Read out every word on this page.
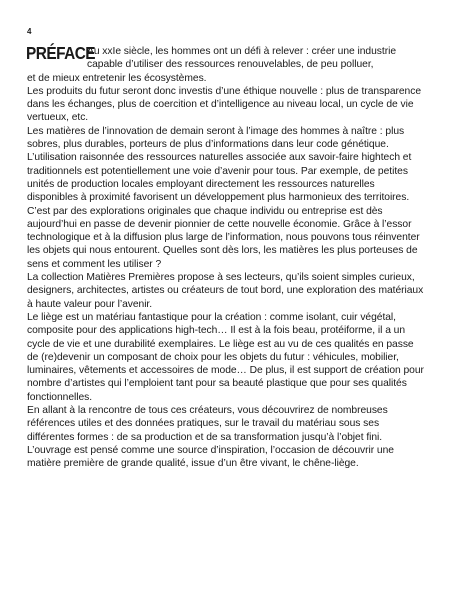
4
PRÉFACE

Au xxIe siècle, les hommes ont un défi à relever : créer une industrie
capable d’utiliser des ressources renouvelables, de peu polluer,

et de mieux entretenir les écosystèmes.

Les produits du futur seront donc investis d’une éthique nouvelle : plus de transparence dans les échanges, plus de coercition et d’intelligence au niveau local, un cycle de vie vertueux, etc.

Les matières de l’innovation de demain seront à l’image des hommes à naître : plus sobres, plus durables, porteurs de plus d’informations dans leur code génétique.

L’utilisation raisonnée des ressources naturelles associée aux savoir-faire hightech et traditionnels est potentiellement une voie d’avenir pour tous. Par exemple, de petites unités de production locales employant directement les ressources naturelles disponibles à proximité favorisent un développement plus harmonieux des territoires.

C’est par des explorations originales que chaque individu ou entreprise est dès aujourd’hui en passe de devenir pionnier de cette nouvelle économie. Grâce à l’essor technologique et à la diffusion plus large de l’information, nous pouvons tous réinventer les objets qui nous entourent. Quelles sont dès lors, les matières les plus porteuses de sens et comment les utiliser ?

La collection Matières Premières propose à ses lecteurs, qu’ils soient simples curieux, designers, architectes, artistes ou créateurs de tout bord, une exploration des matériaux à haute valeur pour l’avenir.

Le liège est un matériau fantastique pour la création : comme isolant, cuir végétal, composite pour des applications high-tech… Il est à la fois beau, protéiforme, il a un cycle de vie et une durabilité exemplaires. Le liège est au vu de ces qualités en passe de (re)devenir un composant de choix pour les objets du futur : véhicules, mobilier, luminaires, vêtements et accessoires de mode… De plus, il est support de création pour nombre d’artistes qui l’emploient tant pour sa beauté plastique que pour ses qualités fonctionnelles.

En allant à la rencontre de tous ces créateurs, vous découvrirez de nombreuses références utiles et des données pratiques, sur le travail du matériau sous ses différentes formes : de sa production et de sa transformation jusqu’à l’objet fini. L’ouvrage est pensé comme une source d’inspiration, l’occasion de découvrir une matière première de grande qualité, issue d’un être vivant, le chêne-liège.
